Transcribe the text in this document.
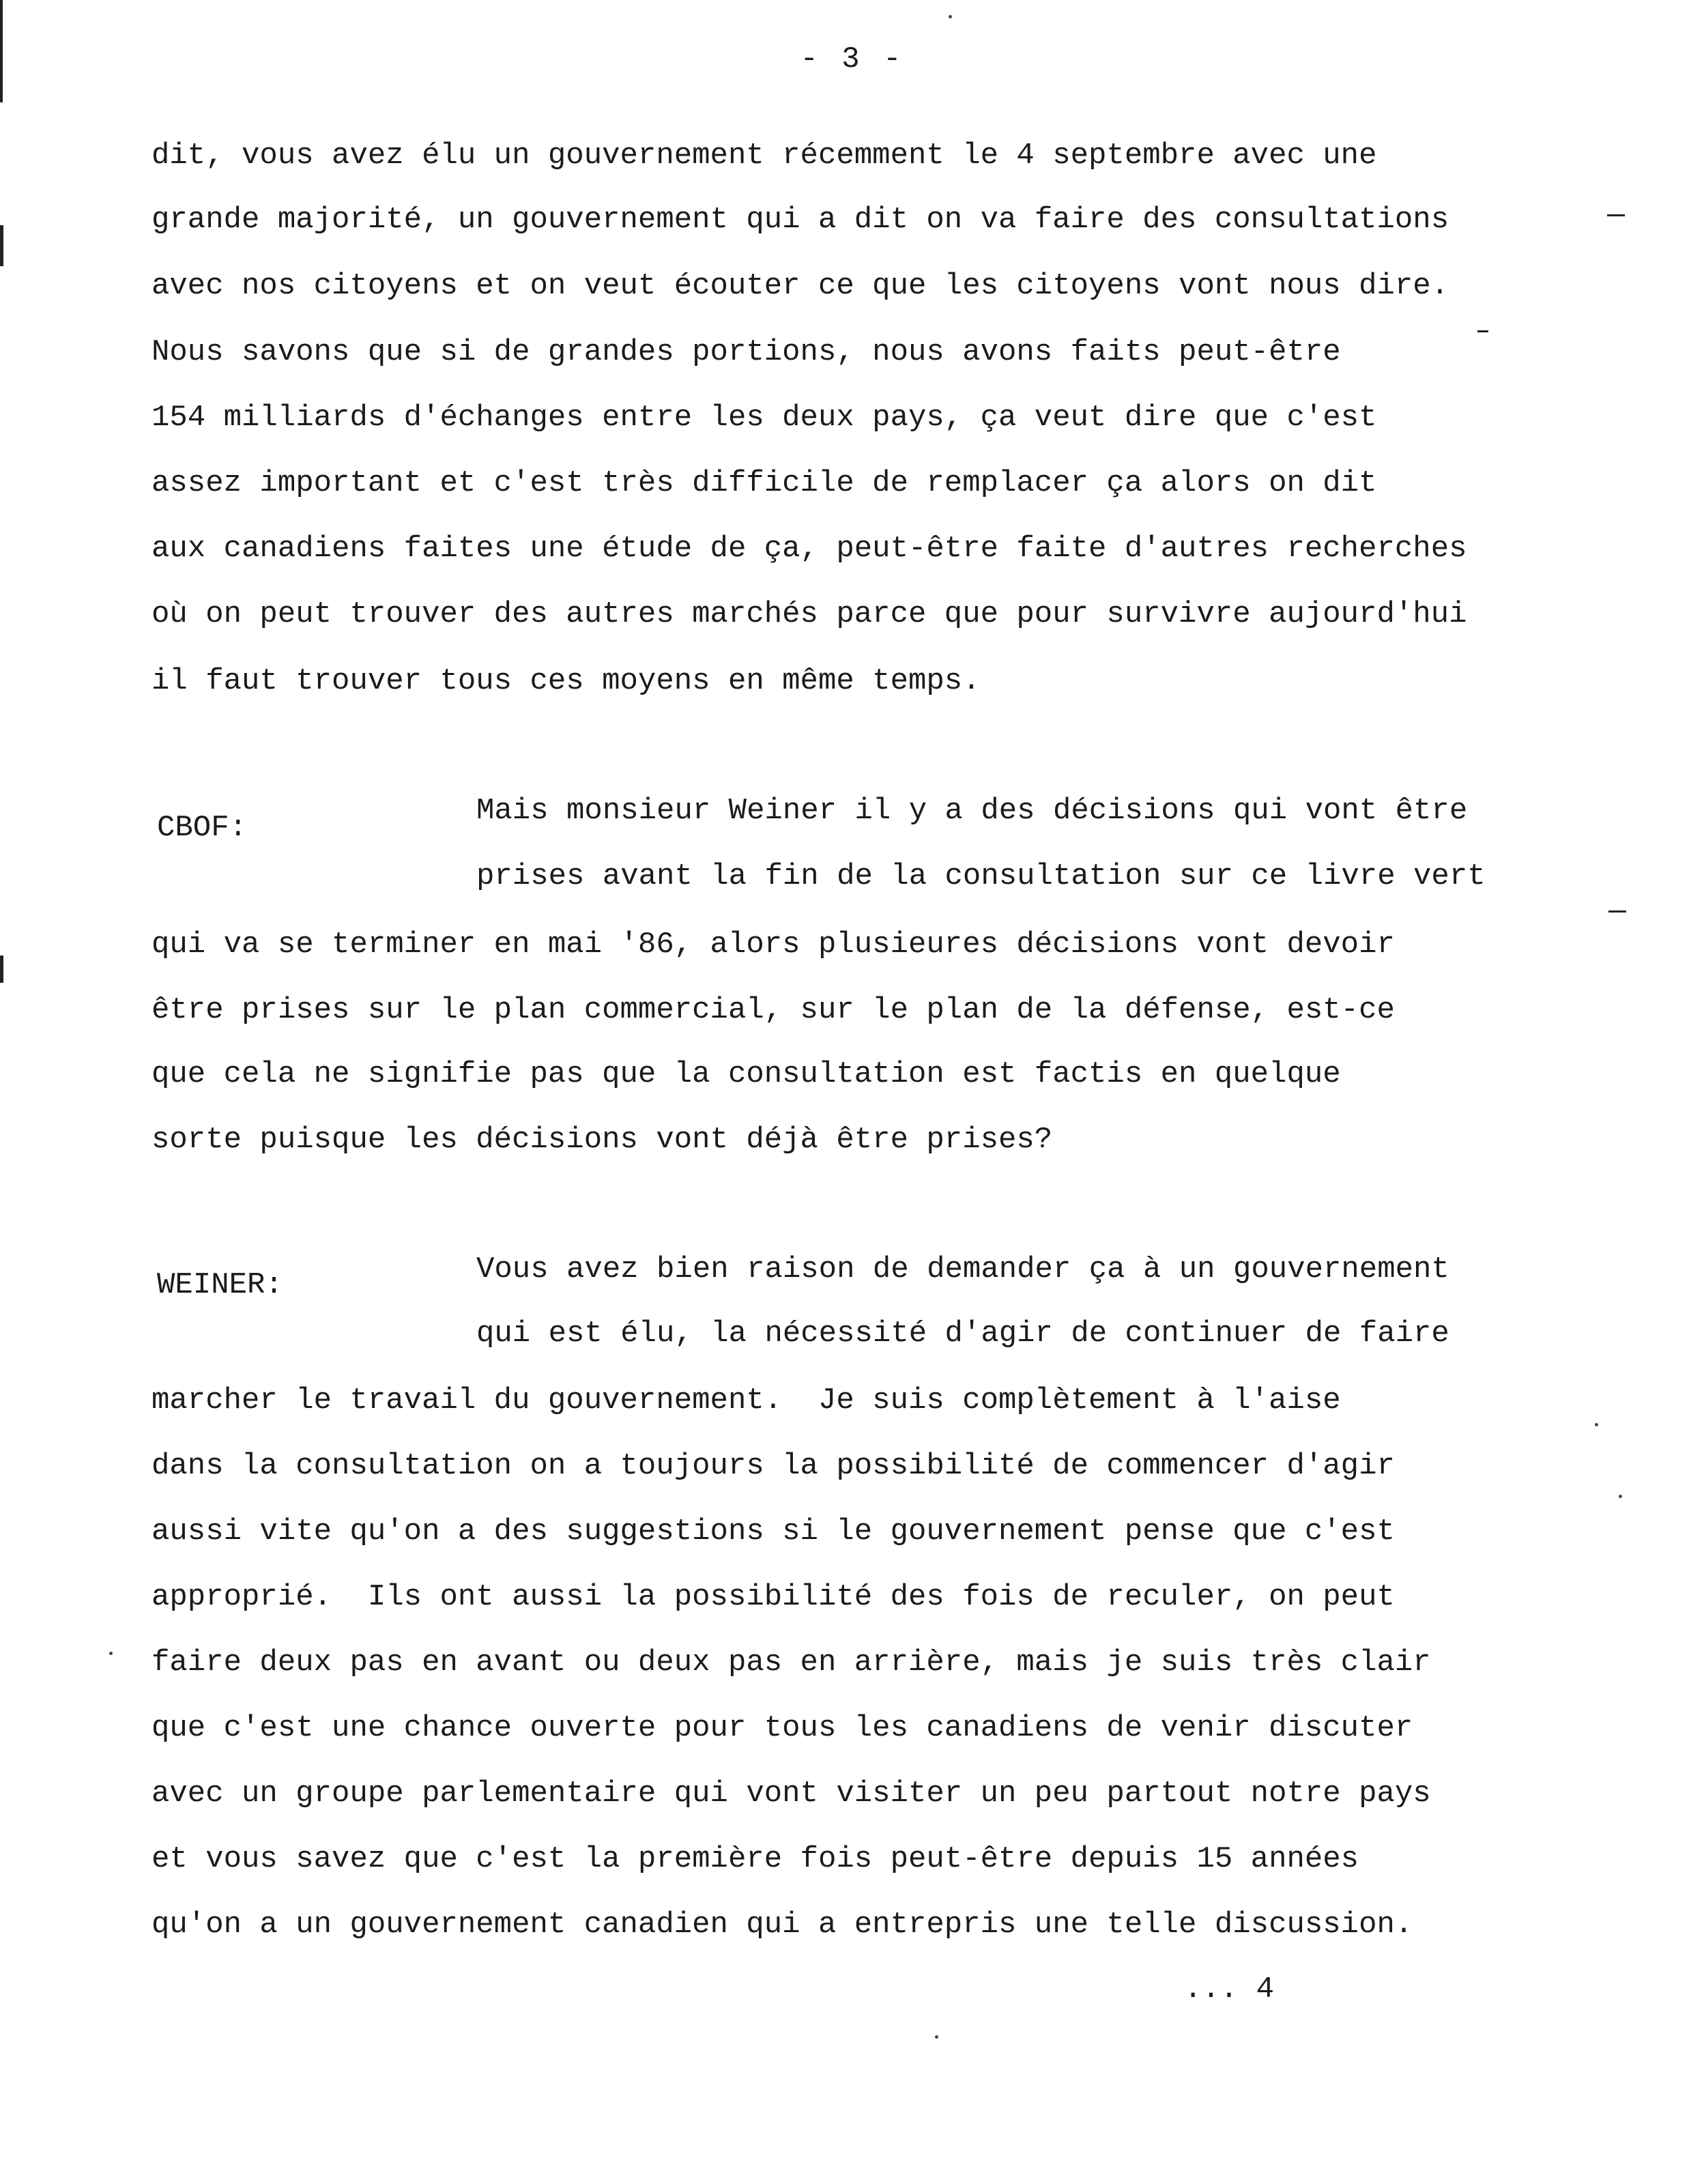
- 3 -
dit, vous avez élu un gouvernement récemment le 4 septembre avec une
grande majorité, un gouvernement qui a dit on va faire des consultations
avec nos citoyens et on veut écouter ce que les citoyens vont nous dire.
Nous savons que si de grandes portions, nous avons faits peut-être
154 milliards d'échanges entre les deux pays, ça veut dire que c'est
assez important et c'est très difficile de remplacer ça alors on dit
aux canadiens faites une étude de ça, peut-être faite d'autres recherches
où on peut trouver des autres marchés parce que pour survivre aujourd'hui
il faut trouver tous ces moyens en même temps.
CBOF:	Mais monsieur Weiner il y a des décisions qui vont être
prises avant la fin de la consultation sur ce livre vert
qui va se terminer en mai '86, alors plusieures décisions vont devoir
être prises sur le plan commercial, sur le plan de la défense, est-ce
que cela ne signifie pas que la consultation est factis en quelque
sorte puisque les décisions vont déjà être prises?
WEINER:	Vous avez bien raison de demander ça à un gouvernement
qui est élu, la nécessité d'agir de continuer de faire
marcher le travail du gouvernement.  Je suis complètement à l'aise
dans la consultation on a toujours la possibilité de commencer d'agir
aussi vite qu'on a des suggestions si le gouvernement pense que c'est
approprié.  Ils ont aussi la possibilité des fois de reculer, on peut
faire deux pas en avant ou deux pas en arrière, mais je suis très clair
que c'est une chance ouverte pour tous les canadiens de venir discuter
avec un groupe parlementaire qui vont visiter un peu partout notre pays
et vous savez que c'est la première fois peut-être depuis 15 années
qu'on a un gouvernement canadien qui a entrepris une telle discussion.
... 4
